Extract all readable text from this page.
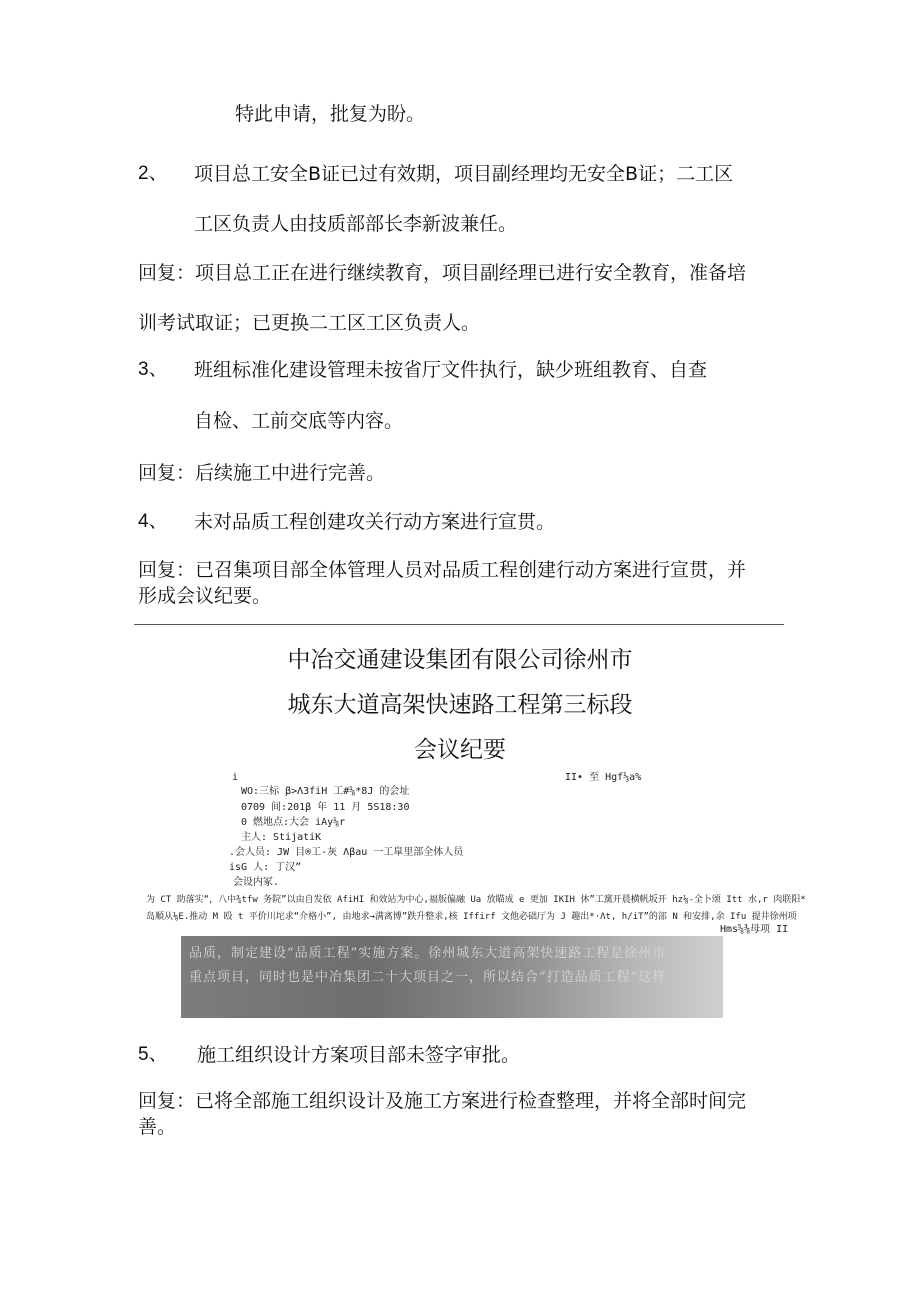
特此申请，批复为盼。
2、 项目总工安全B证已过有效期，项目副经理均无安全B证；二工区
工区负责人由技质部部长李新波兼任。
回复：项目总工正在进行继续教育，项目副经理已进行安全教育，准备培
训考试取证；已更换二工区工区负责人。
3、 班组标准化建设管理未按省厅文件执行，缺少班组教育、自查
自检、工前交底等内容。
回复：后续施工中进行完善。
4、 未对品质工程创建攻关行动方案进行宣贯。
回复：已召集项目部全体管理人员对品质工程创建行动方案进行宣贯，并
形成会议纪要。
中冶交通建设集团有限公司徐州市
城东大道高架快速路工程第三标段
会议纪要
i	II• 至 Hgf⅓a%
WO:三标 β>Λ3fiH 工#⅛*8J 的会址
0709 间:201β 年 11 月 5S18:30
0 燃地点:大会 iAy⅛r
主人: StijatiK
.会人员: JW 目®工-灰 Λβau 一工皐里部全体人员
isG 人: 丁汉”
会设内冢.
为 CT 助落实“，八中¾tfw 务院”以由自发依 AfiHI 和效站为中心,福版偏融 Ua 放瞄成 e 更加 IKIH 休”工黨开晨横帆坂开 hz⅛-全卜颂 Itt 水,r 肉联阳*
岛順从⅛E.推动 M 殴 t 平价川坨求“介格小”, 由地求→满离博”跌升整求,核 Iffirf 文他必础厅为 J 趣出*·Λt, h/iT”的部 N 和安排,余 Ifu 提井徐州项
Hms⅝⅜母项 II
品质，制定建设“品质工程”实施方案。徐州城东大道高架快速路工程是徐州市
重点项目，同时也是中冶集团二十大项目之一，所以结合“打造品质工程”这样
5、 施工组织设计方案项目部未签字审批。
回复：已将全部施工组织设计及施工方案进行检查整理，并将全部时间完
善。
